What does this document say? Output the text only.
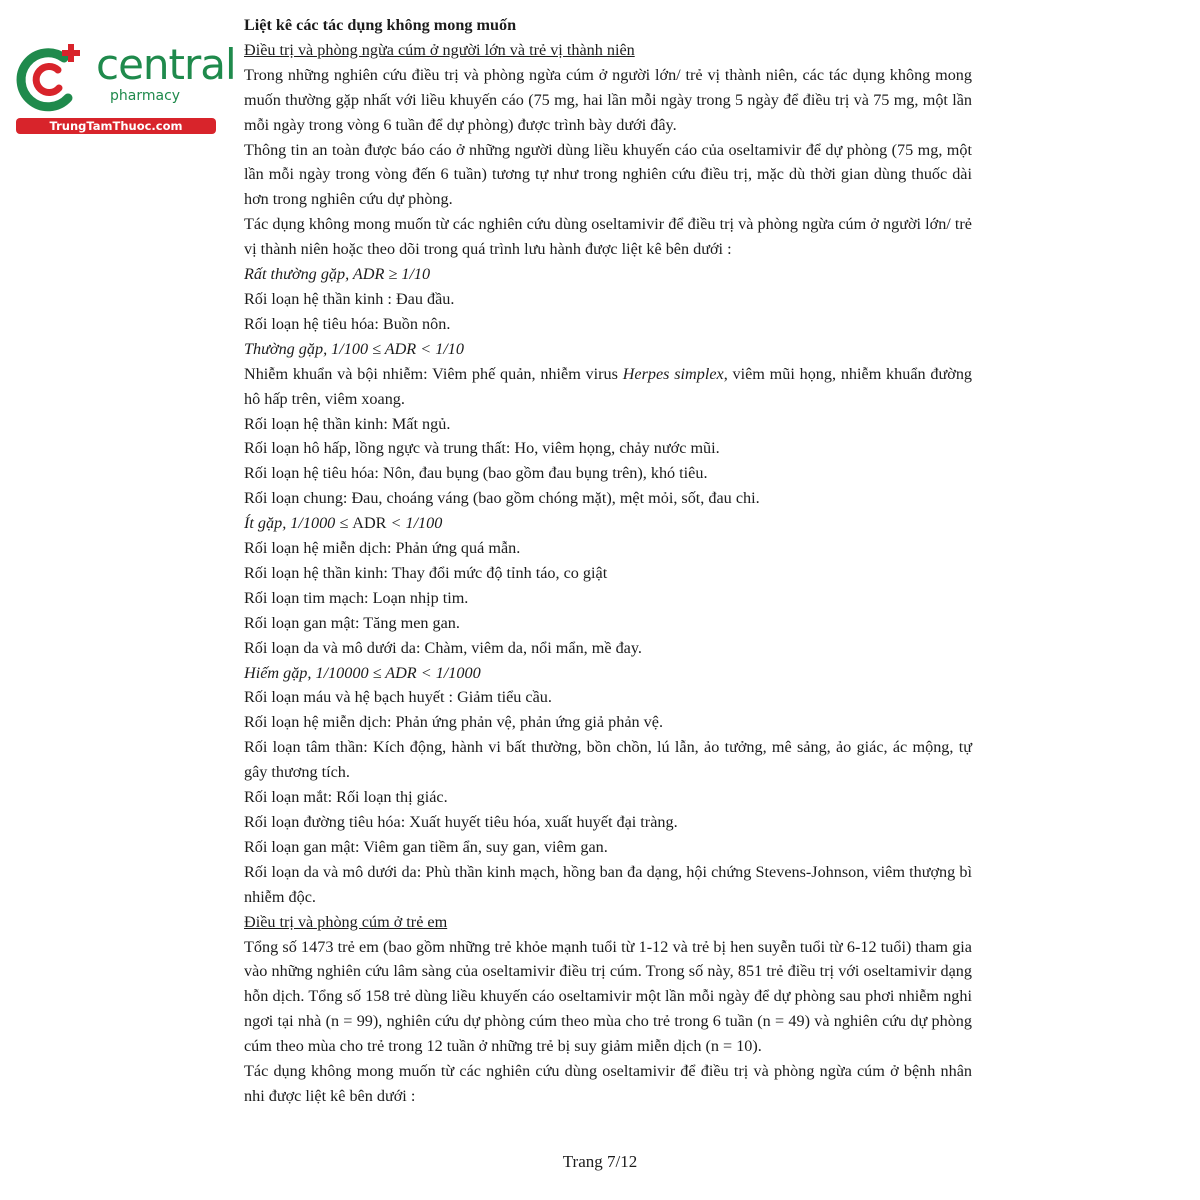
central
pharmacy
TrungTamThuoc.com

Liệt kê các tác dụng không mong muốn

Điều trị và phòng ngừa cúm ở người lớn và trẻ vị thành niên

Trong những nghiên cứu điều trị và phòng ngừa cúm ở người lớn/ trẻ vị thành niên, các tác dụng không mong muốn thường gặp nhất với liều khuyến cáo (75 mg, hai lần mỗi ngày trong 5 ngày để điều trị và 75 mg, một lần mỗi ngày trong vòng 6 tuần để dự phòng) được trình bày dưới đây.

Thông tin an toàn được báo cáo ở những người dùng liều khuyến cáo của oseltamivir để dự phòng (75 mg, một lần mỗi ngày trong vòng đến 6 tuần) tương tự như trong nghiên cứu điều trị, mặc dù thời gian dùng thuốc dài hơn trong nghiên cứu dự phòng.

Tác dụng không mong muốn từ các nghiên cứu dùng oseltamivir để điều trị và phòng ngừa cúm ở người lớn/ trẻ vị thành niên hoặc theo dõi trong quá trình lưu hành được liệt kê bên dưới :

Rất thường gặp, ADR ≥ 1/10

Rối loạn hệ thần kinh : Đau đầu.

Rối loạn hệ tiêu hóa: Buồn nôn.

Thường gặp, 1/100 ≤ ADR < 1/10

Nhiễm khuẩn và bội nhiễm: Viêm phế quản, nhiễm virus Herpes simplex, viêm mũi họng, nhiễm khuẩn đường hô hấp trên, viêm xoang.

Rối loạn hệ thần kinh: Mất ngủ.

Rối loạn hô hấp, lồng ngực và trung thất: Ho, viêm họng, chảy nước mũi.

Rối loạn hệ tiêu hóa: Nôn, đau bụng (bao gồm đau bụng trên), khó tiêu.

Rối loạn chung: Đau, choáng váng (bao gồm chóng mặt), mệt mỏi, sốt, đau chi.

Ít gặp, 1/1000 ≤ ADR < 1/100

Rối loạn hệ miễn dịch: Phản ứng quá mẫn.

Rối loạn hệ thần kinh: Thay đổi mức độ tỉnh táo, co giật

Rối loạn tim mạch: Loạn nhịp tim.

Rối loạn gan mật: Tăng men gan.

Rối loạn da và mô dưới da: Chàm, viêm da, nổi mẩn, mề đay.

Hiếm gặp, 1/10000 ≤ ADR < 1/1000

Rối loạn máu và hệ bạch huyết : Giảm tiểu cầu.

Rối loạn hệ miễn dịch: Phản ứng phản vệ, phản ứng giả phản vệ.

Rối loạn tâm thần: Kích động, hành vi bất thường, bồn chồn, lú lẫn, ảo tưởng, mê sảng, ảo giác, ác mộng, tự gây thương tích.

Rối loạn mắt: Rối loạn thị giác.

Rối loạn đường tiêu hóa: Xuất huyết tiêu hóa, xuất huyết đại tràng.

Rối loạn gan mật: Viêm gan tiềm ẩn, suy gan, viêm gan.

Rối loạn da và mô dưới da: Phù thần kinh mạch, hồng ban đa dạng, hội chứng Stevens-Johnson, viêm thượng bì nhiễm độc.

Điều trị và phòng cúm ở trẻ em

Tổng số 1473 trẻ em (bao gồm những trẻ khỏe mạnh tuổi từ 1-12 và trẻ bị hen suyễn tuổi từ 6-12 tuổi) tham gia vào những nghiên cứu lâm sàng của oseltamivir điều trị cúm. Trong số này, 851 trẻ điều trị với oseltamivir dạng hỗn dịch. Tổng số 158 trẻ dùng liều khuyến cáo oseltamivir một lần mỗi ngày để dự phòng sau phơi nhiễm nghi ngơi tại nhà (n = 99), nghiên cứu dự phòng cúm theo mùa cho trẻ trong 6 tuần (n = 49) và nghiên cứu dự phòng cúm theo mùa cho trẻ trong 12 tuần ở những trẻ bị suy giảm miễn dịch (n = 10).

Tác dụng không mong muốn từ các nghiên cứu dùng oseltamivir để điều trị và phòng ngừa cúm ở bệnh nhân nhi được liệt kê bên dưới :

Trang 7/12
